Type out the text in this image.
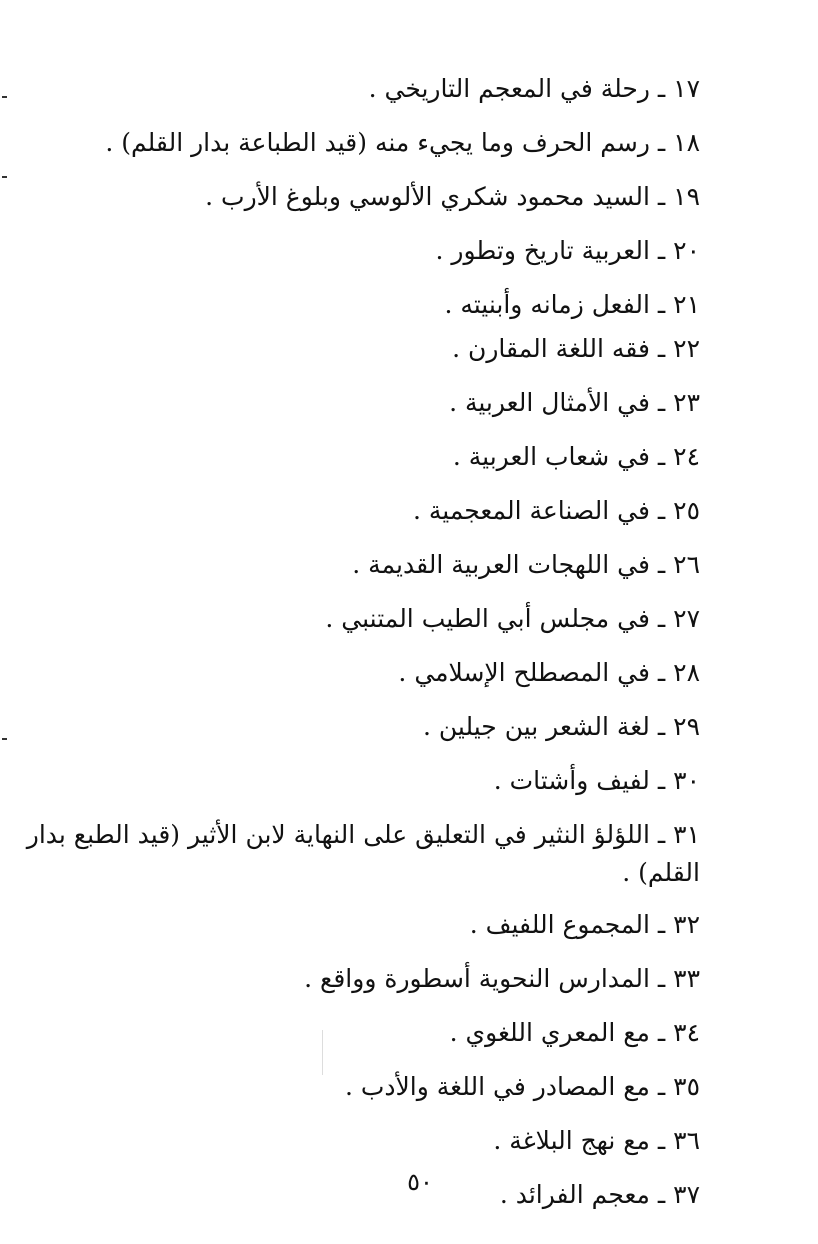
١٧ ـ رحلة في المعجم التاريخي .
١٨ ـ رسم الحرف وما يجيء منه (قيد الطباعة بدار القلم) .
١٩ ـ السيد محمود شكري الألوسي وبلوغ الأرب .
٢٠ ـ العربية تاريخ وتطور .
٢١ ـ الفعل زمانه وأبنيته .
٢٢ ـ فقه اللغة المقارن .
٢٣ ـ في الأمثال العربية .
٢٤ ـ في شعاب العربية .
٢٥ ـ في الصناعة المعجمية .
٢٦ ـ في اللهجات العربية القديمة .
٢٧ ـ في مجلس أبي الطيب المتنبي .
٢٨ ـ في المصطلح الإسلامي .
٢٩ ـ لغة الشعر بين جيلين .
٣٠ ـ لفيف وأشتات .
٣١ ـ اللؤلؤ النثير في التعليق على النهاية لابن الأثير (قيد الطبع بدار القلم) .
٣٢ ـ المجموع اللفيف .
٣٣ ـ المدارس النحوية أسطورة وواقع .
٣٤ ـ مع المعري اللغوي .
٣٥ ـ مع المصادر في اللغة والأدب .
٣٦ ـ مع نهج البلاغة .
٣٧ ـ معجم الفرائد .
٥٠
